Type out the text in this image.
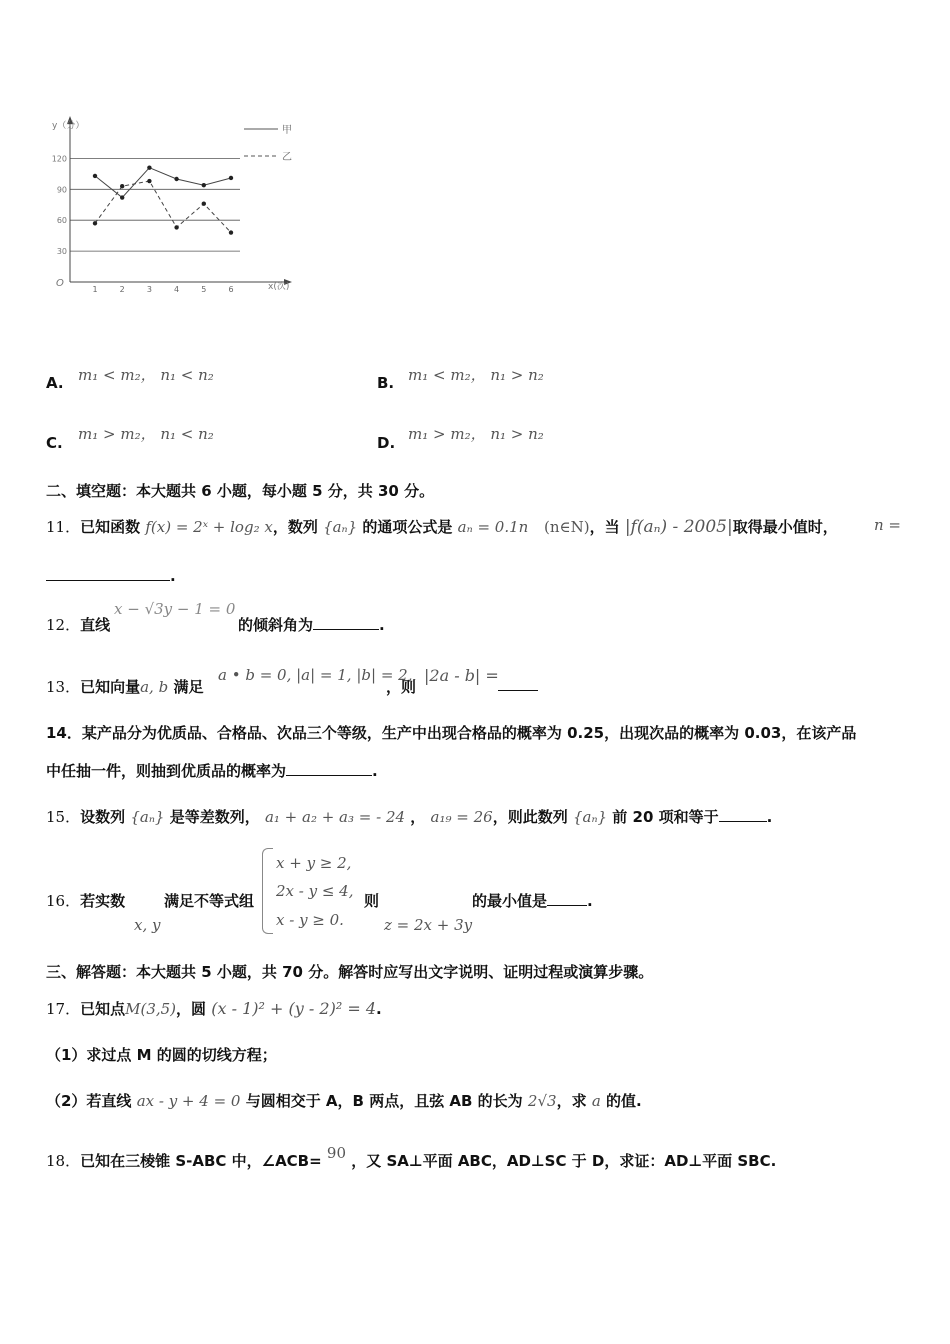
y（分）
x(次)
O
30
60
90
120
1	2	3	4	5	6
甲
乙
A. m₁ < m₂， n₁ < n₂	B. m₁ < m₂， n₁ > n₂
C. m₁ > m₂， n₁ < n₂	D. m₁ > m₂， n₁ > n₂
二、填空题：本大题共 6 小题，每小题 5 分，共 30 分。
11．已知函数 f(x) = 2ˣ + log₂ x，数列 {aₙ} 的通项公式是 aₙ = 0.1n (n∈N)，当 |f(aₙ) - 2005|取得最小值时， n =
.
12．直线
𝑥 − √3𝑦 − 1 = 0
的倾斜角为	.
13．已知向量a, b 满足
a • b = 0, |a| = 1, |b| = 2,
，则
|2a - b| =
14．某产品分为优质品、合格品、次品三个等级，生产中出现合格品的概率为 0.25，出现次品的概率为 0.03，在该产品
中任抽一件，则抽到优质品的概率为	.
15．设数列 {aₙ} 是等差数列， a₁ + a₂ + a₃ = - 24 ， a₁₉ = 26，则此数列 {aₙ} 前 20 项和等于	.
16．若实数
x, y
满足不等式组
x + y ≥ 2,
2x - y ≤ 4,
x - y ≥ 0.
则
z = 2x + 3y
的最小值是	.
三、解答题：本大题共 5 小题，共 70 分。解答时应写出文字说明、证明过程或演算步骤。
17．已知点M(3,5)，圆 (x - 1)² + (y - 2)² = 4.
（1）求过点 M 的圆的切线方程；
（2）若直线 ax - y + 4 = 0 与圆相交于 A，B 两点，且弦 AB 的长为 2√3，求 a 的值.
18．已知在三棱锥 S-ABC 中，∠ACB= 90 ，又 SA⊥平面 ABC，AD⊥SC 于 D，求证：AD⊥平面 SBC.
